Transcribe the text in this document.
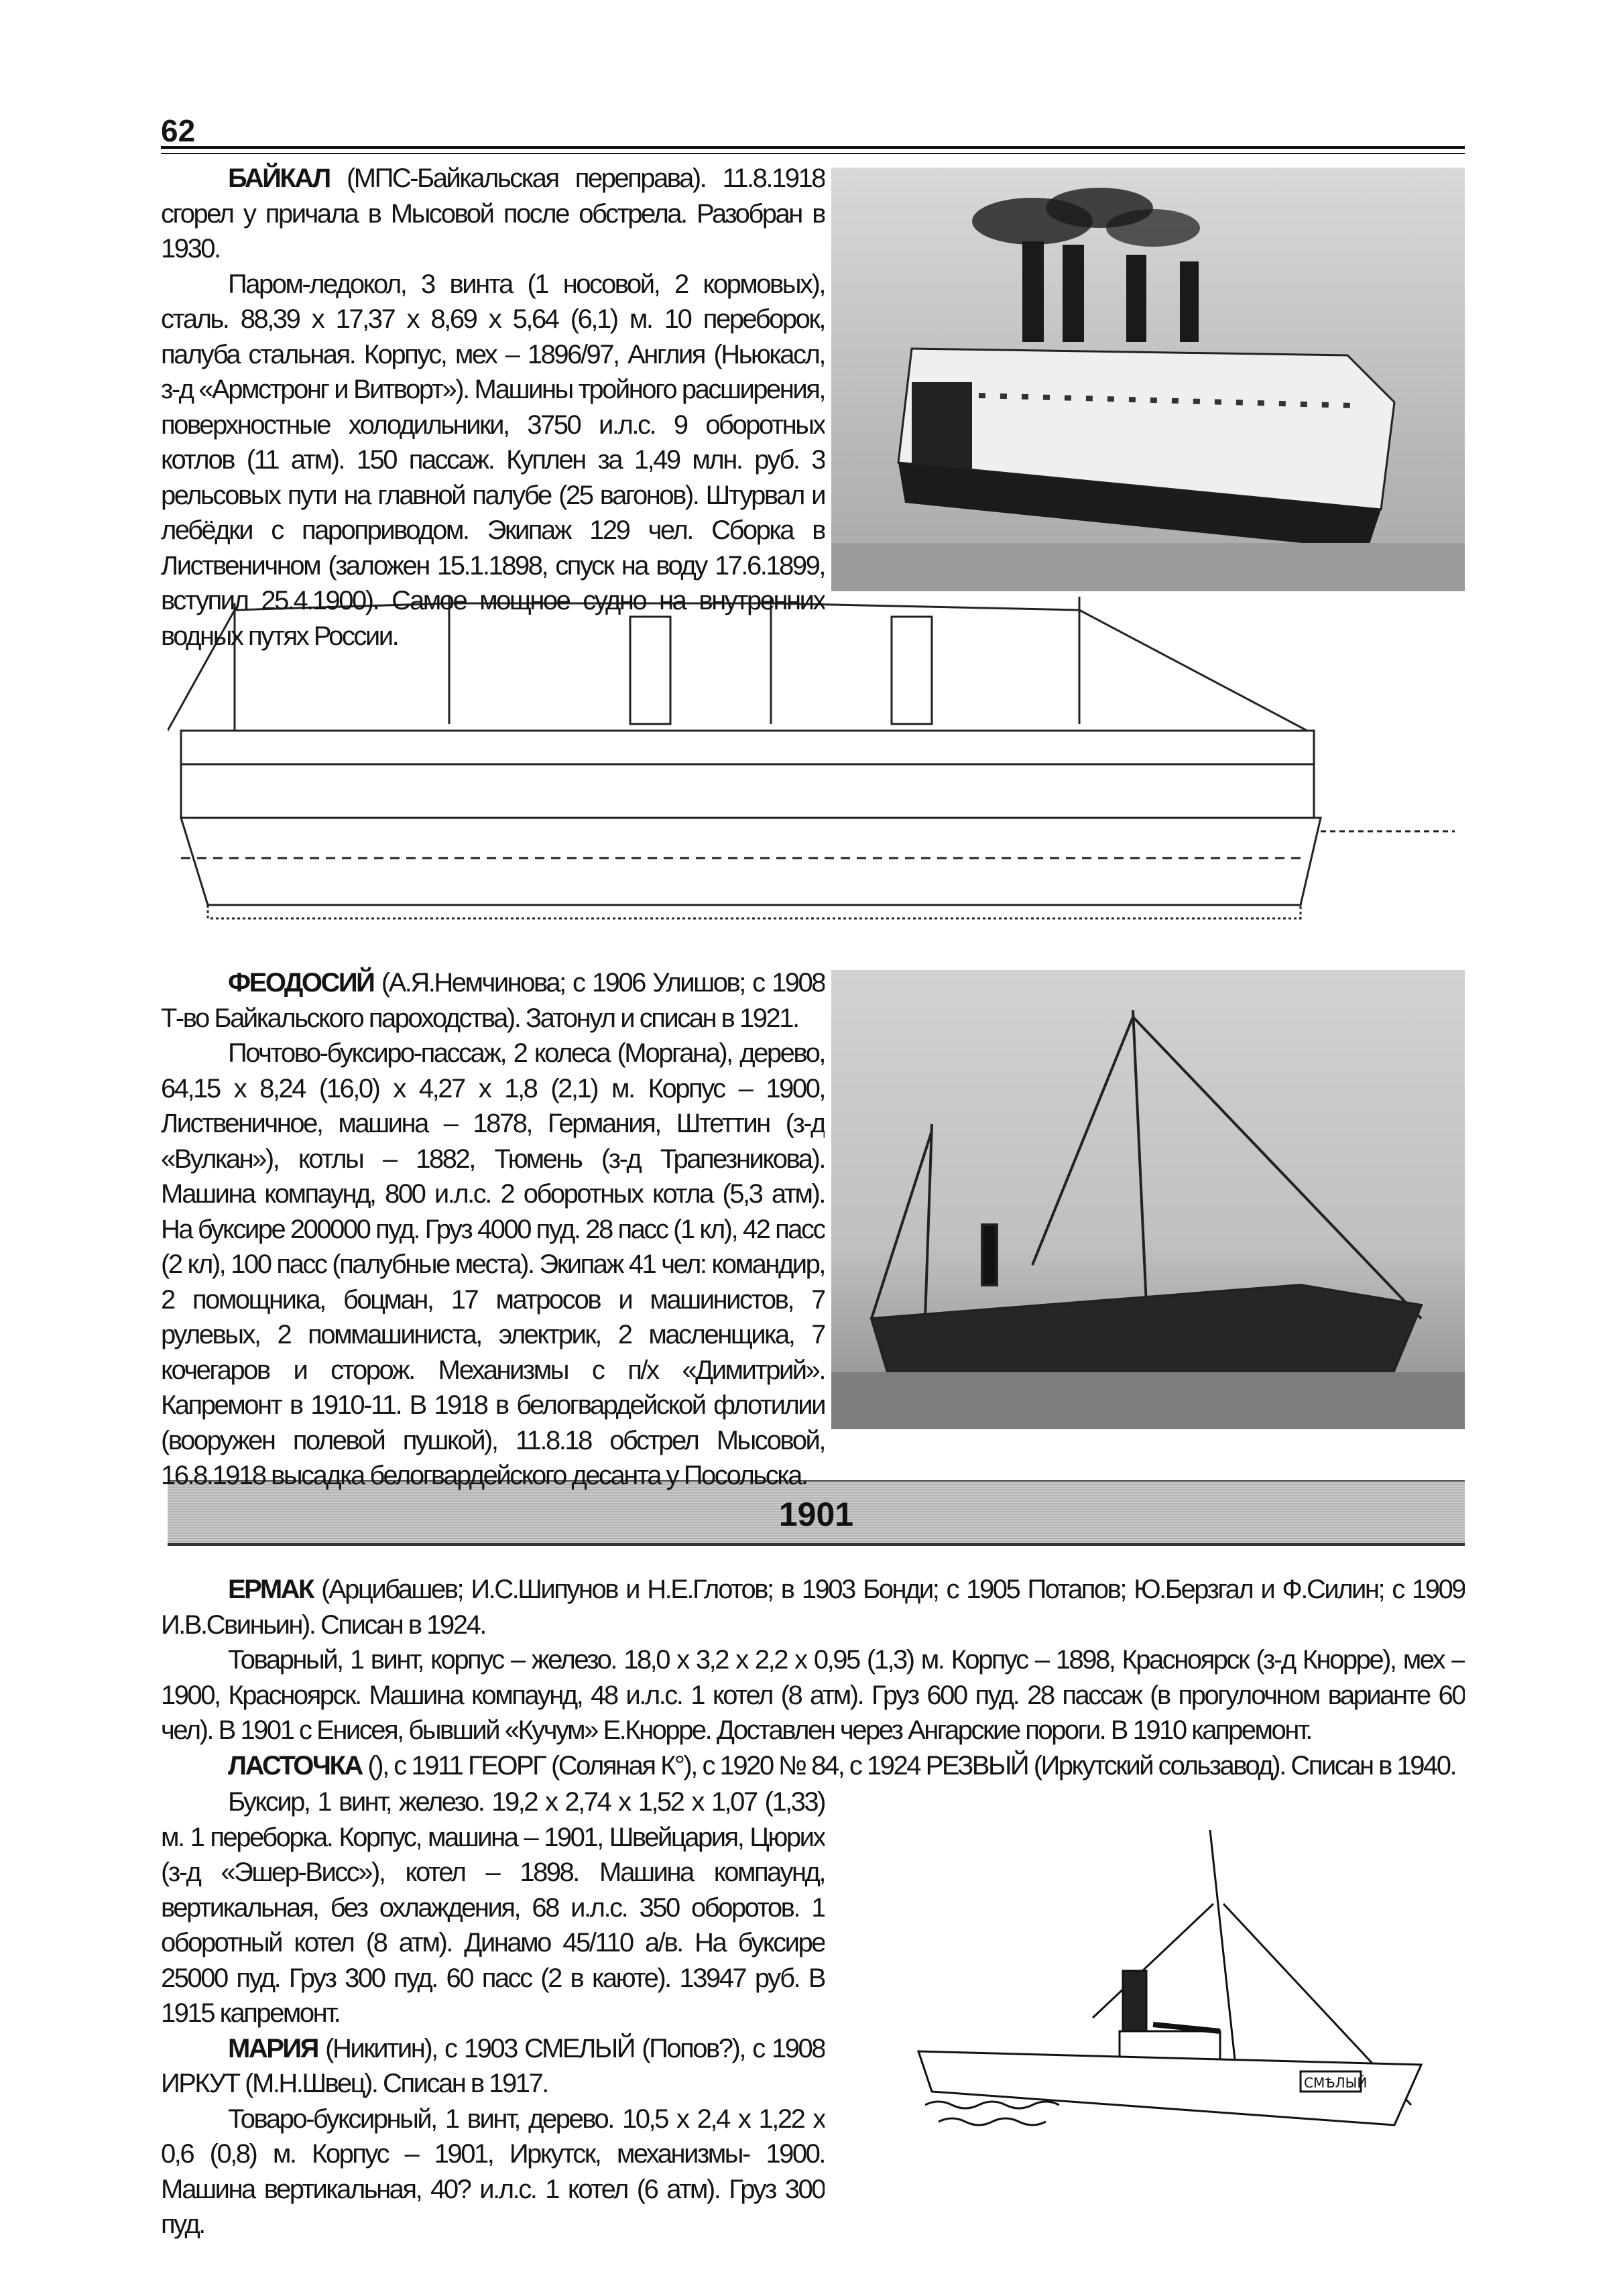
62

БАЙКАЛ (МПС-Байкальская переправа). 11.8.1918 сгорел у причала в Мысовой после обстрела. Разобран в 1930.

Паром-ледокол, 3 винта (1 носовой, 2 кормовых), сталь. 88,39 х 17,37 х 8,69 х 5,64 (6,1) м. 10 переборок, палуба стальная. Корпус, мех – 1896/97, Англия (Ньюкасл, з-д «Армстронг и Витворт»). Машины тройного расширения, поверхностные холодильники, 3750 и.л.с. 9 оборотных котлов (11 атм). 150 пассаж. Куплен за 1,49 млн. руб. 3 рельсовых пути на главной палубе (25 вагонов). Штурвал и лебёдки с пароприводом. Экипаж 129 чел. Сборка в Лиственичном (заложен 15.1.1898, спуск на воду 17.6.1899, вступил 25.4.1900). Самое мощное судно на внутренних водных путях России.

ФЕОДОСИЙ (А.Я.Немчинова; с 1906 Улишов; с 1908 Т-во Байкальского пароходства). Затонул и списан в 1921.

Почтово-буксиро-пассаж, 2 колеса (Моргана), дерево, 64,15 х 8,24 (16,0) х 4,27 х 1,8 (2,1) м. Корпус – 1900, Лиственичное, машина – 1878, Германия, Штеттин (з-д «Вулкан»), котлы – 1882, Тюмень (з-д Трапезникова). Машина компаунд, 800 и.л.с. 2 оборотных котла (5,3 атм). На буксире 200000 пуд. Груз 4000 пуд. 28 пасс (1 кл), 42 пасс (2 кл), 100 пасс (палубные места). Экипаж 41 чел: командир, 2 помощника, боцман, 17 матросов и машинистов, 7 рулевых, 2 поммашиниста, электрик, 2 масленщика, 7 кочегаров и сторож. Механизмы с п/х «Димитрий». Капремонт в 1910-11. В 1918 в белогвардейской флотилии (вооружен полевой пушкой), 11.8.18 обстрел Мысовой, 16.8.1918 высадка белогвардейского десанта у Посольска.

1901

ЕРМАК (Арцибашев; И.С.Шипунов и Н.Е.Глотов; в 1903 Бонди; с 1905 Потапов; Ю.Берзгал и Ф.Силин; с 1909 И.В.Свиньин). Списан в 1924.

Товарный, 1 винт, корпус – железо. 18,0 х 3,2 х 2,2 х 0,95 (1,3) м. Корпус – 1898, Красноярск (з-д Кнорре), мех – 1900, Красноярск. Машина компаунд, 48 и.л.с. 1 котел (8 атм). Груз 600 пуд. 28 пассаж (в прогулочном варианте 60 чел). В 1901 с Енисея, бывший «Кучум» Е.Кнорре. Доставлен через Ангарские пороги. В 1910 капремонт.

ЛАСТОЧКА (), с 1911 ГЕОРГ (Соляная К°), с 1920 № 84, с 1924 РЕЗВЫЙ (Иркутский сользавод). Списан в 1940.

Буксир, 1 винт, железо. 19,2 х 2,74 х 1,52 х 1,07 (1,33) м. 1 переборка. Корпус, машина – 1901, Швейцария, Цюрих (з-д «Эшер-Висс»), котел – 1898. Машина компаунд, вертикальная, без охлаждения, 68 и.л.с. 350 оборотов. 1 оборотный котел (8 атм). Динамо 45/110 а/в. На буксире 25000 пуд. Груз 300 пуд. 60 пасс (2 в каюте). 13947 руб. В 1915 капремонт.

МАРИЯ (Никитин), с 1903 СМЕЛЫЙ (Попов?), с 1908 ИРКУТ (М.Н.Швец). Списан в 1917.

Товаро-буксирный, 1 винт, дерево. 10,5 х 2,4 х 1,22 х 0,6 (0,8) м. Корпус – 1901, Иркутск, механизмы- 1900. Машина вертикальная, 40? и.л.с. 1 котел (6 атм). Груз 300 пуд.

СМѢЛЫЙ
